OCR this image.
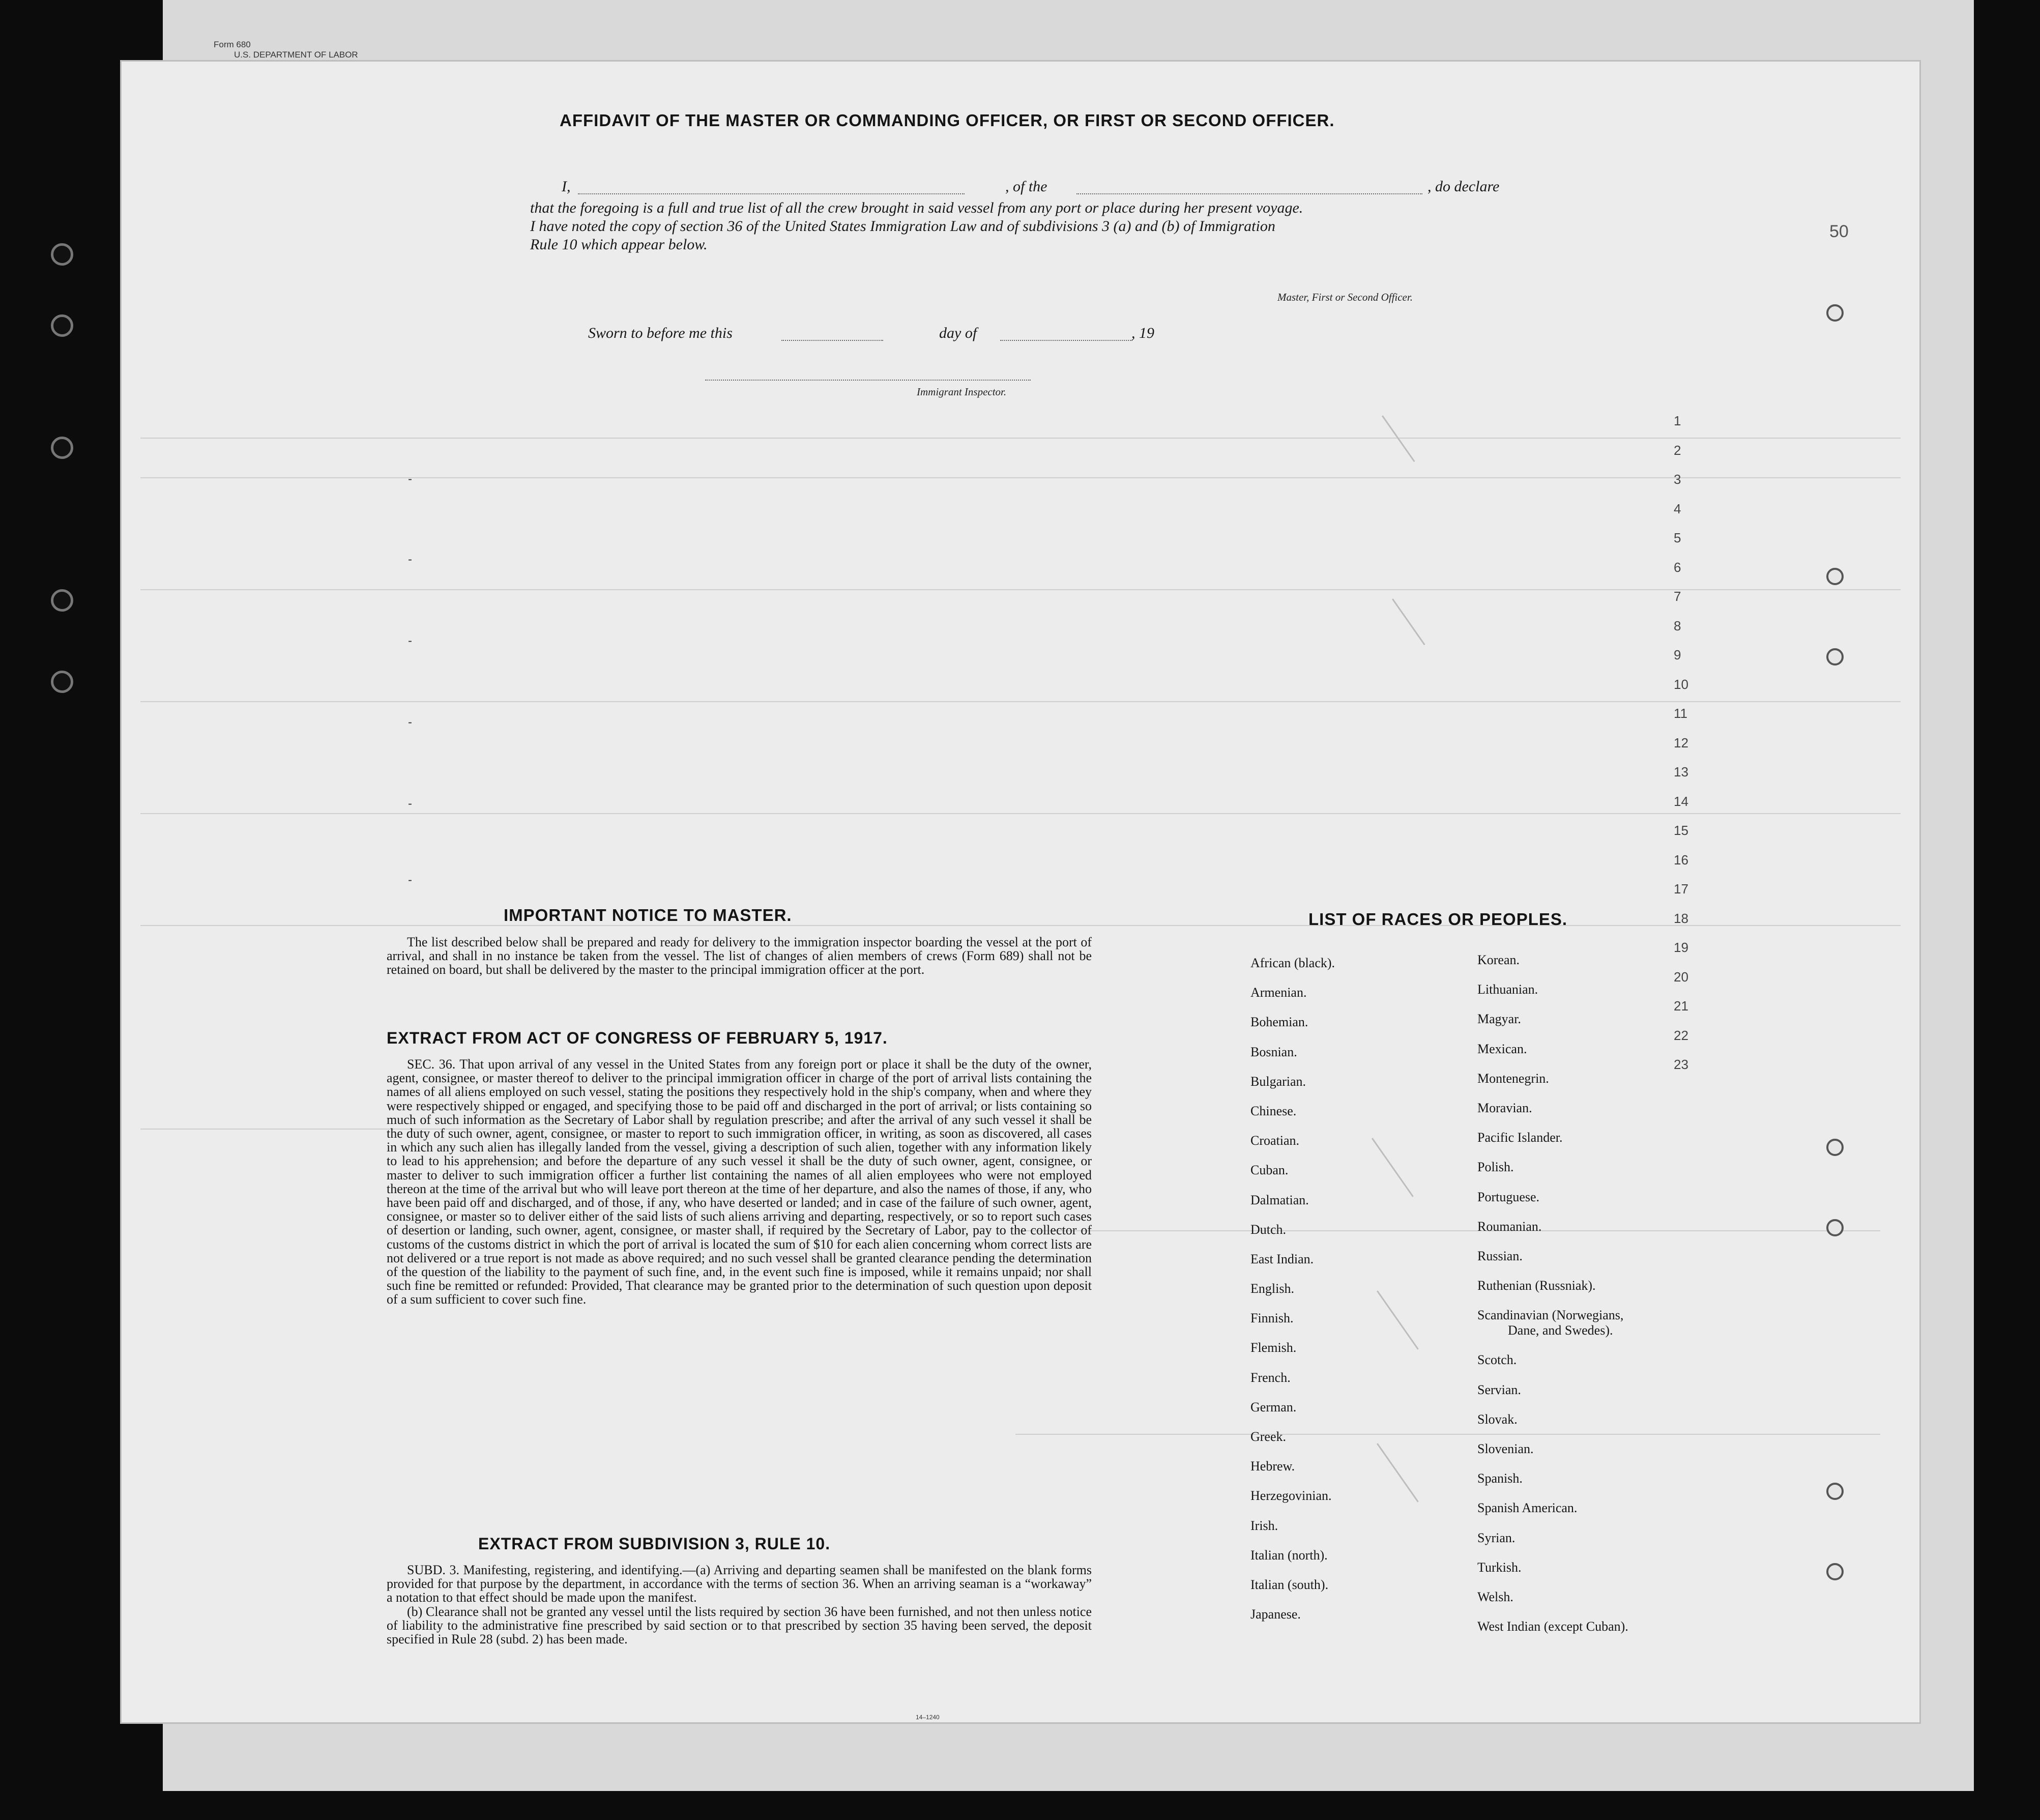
Form 680
U.S. DEPARTMENT OF LABOR
-
-
-
-
-
-
AFFIDAVIT OF THE MASTER OR COMMANDING OFFICER, OR FIRST OR SECOND OFFICER.
I,	, of the	, do declare
that the foregoing is a full and true list of all the crew brought in said vessel from any port or place during her present voyage.
I have noted the copy of section 36 of the United States Immigration Law and of subdivisions 3 (a) and (b) of Immigration
Rule 10 which appear below.
Master, First or Second Officer.
Sworn to before me this	day of	, 19
Immigrant Inspector.
IMPORTANT NOTICE TO MASTER.

The list described below shall be prepared and ready for delivery to the immigration inspector boarding the vessel at the port of arrival, and shall in no instance be taken from the vessel. The list of changes of alien members of crews (Form 689) shall not be retained on board, but shall be delivered by the master to the principal immigration officer at the port.

EXTRACT FROM ACT OF CONGRESS OF FEBRUARY 5, 1917.

SEC. 36. That upon arrival of any vessel in the United States from any foreign port or place it shall be the duty of the owner, agent, consignee, or master thereof to deliver to the principal immigration officer in charge of the port of arrival lists containing the names of all aliens employed on such vessel, stating the positions they respectively hold in the ship's company, when and where they were respectively shipped or engaged, and specifying those to be paid off and discharged in the port of arrival; or lists containing so much of such information as the Secretary of Labor shall by regulation prescribe; and after the arrival of any such vessel it shall be the duty of such owner, agent, consignee, or master to report to such immigration officer, in writing, as soon as discovered, all cases in which any such alien has illegally landed from the vessel, giving a description of such alien, together with any information likely to lead to his apprehension; and before the departure of any such vessel it shall be the duty of such owner, agent, consignee, or master to deliver to such immigration officer a further list containing the names of all alien employees who were not employed thereon at the time of the arrival but who will leave port thereon at the time of her departure, and also the names of those, if any, who have been paid off and discharged, and of those, if any, who have deserted or landed; and in case of the failure of such owner, agent, consignee, or master so to deliver either of the said lists of such aliens arriving and departing, respectively, or so to report such cases of desertion or landing, such owner, agent, consignee, or master shall, if required by the Secretary of Labor, pay to the collector of customs of the customs district in which the port of arrival is located the sum of $10 for each alien concerning whom correct lists are not delivered or a true report is not made as above required; and no such vessel shall be granted clearance pending the determination of the question of the liability to the payment of such fine, and, in the event such fine is imposed, while it remains unpaid; nor shall such fine be remitted or refunded: Provided, That clearance may be granted prior to the determination of such question upon deposit of a sum sufficient to cover such fine.

EXTRACT FROM SUBDIVISION 3, RULE 10.

SUBD. 3. Manifesting, registering, and identifying.—(a) Arriving and departing seamen shall be manifested on the blank forms provided for that purpose by the department, in accordance with the terms of section 36. When an arriving seaman is a “workaway” a notation to that effect should be made upon the manifest.

(b) Clearance shall not be granted any vessel until the lists required by section 36 have been furnished, and not then unless notice of liability to the administrative fine prescribed by said section or to that prescribed by section 35 having been served, the deposit specified in Rule 28 (subd. 2) has been made.

14–1240
LIST OF RACES OR PEOPLES.
African (black).
Armenian.
Bohemian.
Bosnian.
Bulgarian.
Chinese.
Croatian.
Cuban.
Dalmatian.
Dutch.
East Indian.
English.
Finnish.
Flemish.
French.
German.
Greek.
Hebrew.
Herzegovinian.
Irish.
Italian (north).
Italian (south).
Japanese.
Korean.
Lithuanian.
Magyar.
Mexican.
Montenegrin.
Moravian.
Pacific Islander.
Polish.
Portuguese.
Roumanian.
Russian.
Ruthenian (Russniak).
Scandinavian (Norwegians,
Dane, and Swedes).
Scotch.
Servian.
Slovak.
Slovenian.
Spanish.
Spanish American.
Syrian.
Turkish.
Welsh.
West Indian (except Cuban).
1
2
3
4
5
6
7
8
9
10
11
12
13
14
15
16
17
18
19
20
21
22
23
50
